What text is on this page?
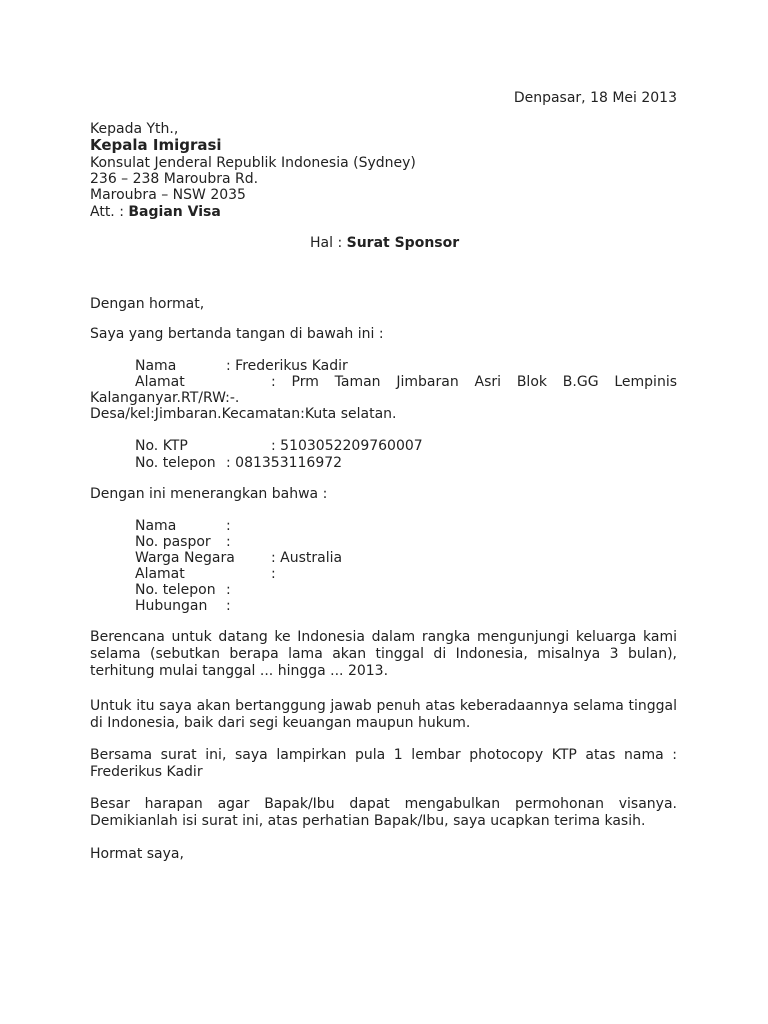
Denpasar, 18 Mei 2013
Kepada Yth.,
Kepala Imigrasi
Konsulat Jenderal Republik Indonesia (Sydney)
236 – 238 Maroubra Rd.
Maroubra – NSW 2035
Att. : Bagian Visa
Hal : Surat Sponsor
Dengan hormat,
Saya yang bertanda tangan di bawah ini :
Nama	: Frederikus Kadir
Alamat	: Prm Taman Jimbaran Asri Blok B.GG Lempinis
Kalanganyar.RT/RW:-.
Desa/kel:Jimbaran.Kecamatan:Kuta selatan.
No. KTP	: 5103052209760007
No. telepon : 081353116972
Dengan ini menerangkan bahwa :
Nama	:
No. paspor :
Warga Negara	: Australia
Alamat	:
No. telepon :
Hubungan :
Berencana untuk datang ke Indonesia dalam rangka mengunjungi keluarga kami
selama (sebutkan berapa lama akan tinggal di Indonesia, misalnya 3 bulan),
terhitung mulai tanggal ... hingga ... 2013.
Untuk itu saya akan bertanggung jawab penuh atas keberadaannya selama tinggal
di Indonesia, baik dari segi keuangan maupun hukum.
Bersama surat ini, saya lampirkan pula 1 lembar photocopy KTP atas nama :
Frederikus Kadir
Besar harapan agar Bapak/Ibu dapat mengabulkan permohonan visanya.
Demikianlah isi surat ini, atas perhatian Bapak/Ibu, saya ucapkan terima kasih.
Hormat saya,
